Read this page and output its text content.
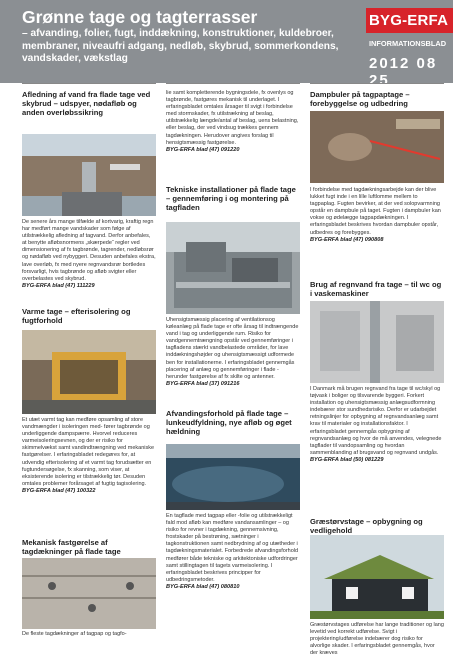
Grønne tage og tagterrasser
– afvanding, folier, fugt, inddækning, konstruktioner, kuldebroer, membraner, niveaufri adgang, nedløb, skybrud, sommerkondens, vandskader, vækstlag
BYG-ERFA
INFORMATIONSBLAD
2012 08 25
Afledning af vand fra flade tage ved skybrud – udspyer, nødafløb og anden overløbssikring
De senere års mange tilfælde af kortvarig, kraftig regn har medført mange vandskader som følge af utilstrækkelig afledning af tagvand. Derfor anbefales, at benytte afløbsnormens „skærpede“ regler ved dimensionering af fx tagbrønde, tagrender, nedløbsrør og nødafløb ved nybyggeri. Desuden anbefales ekstra, lave overløb, fx med nyere regnvandsrør bortledes forsvarligt, hvis tagbrønde og afløb svigter eller overbelastes ved skybrud.
BYG-ERFA blad (47) 111229
Varme tage – efterisolering og fugtforhold
Et utæt varmt tag kan medføre opsamling af store vandmængder i isoleringen med- fører tagbrønde og underliggende dampspærre. Hvorvel reduceres varmeisoleringsevnen, og der er risiko for skimmelvækst samt vandindtrængning ved mekaniske fastgørelser. I erfaringsbladet redegøres for, at udvendig efterisolering af et varmt tag forudsætter en fugtundersøgelse, fx skanning, som viser, at eksisterende isolering er tilstrækkelig tør. Desuden omtales problemer forårsaget af fugtig tagisolering.
BYG-ERFA blad (47) 100322
Mekanisk fastgørelse af tagdækninger på flade tage
De fleste tagdækninger af tagpap og tagfo-
lie samt kompletterende bygningsdele, fx ovenlys og tagbrønde, fastgøres mekanisk til underlaget. I erfaringsbladet omtales årsager til svigt i forbindelse med stormskader, fx utilstrækning af beslag, utilstrækkelig længde/antal af beslag, uens belastning, eller beslag, der ved vindsug trækkes gennem tagdækningen. Herudover angives forslag til hensigtsmæssig fastgørelse.
BYG-ERFA blad (47) 091220
Tekniske installationer på flade tage – gennemføring i og montering på tagfladen
Uhensigtsmæssig placering af ventilationsog køleanlæg på flade tage er ofte årsag til indtrængende vand i tag og underliggende rum. Risiko for vandgennemtrængning opstår ved gennemføringer i tagfladens stærkt vandbelastede områder, for lave inddækningshøjder og uhensigtsmæssigt udformede ben for installationerne. I erfaringsbladet gennemgås placering af anlæg og gennemføringer i flade - herunder fastgørelse af fx skilte og antenner.
BYG-ERFA blad (37) 091216
Afvandingsforhold på flade tage – lunkeudfyldning, nye afløb og øget hældning
En tagflade med tagpap eller -folie og utilstrækkeligt fald mod afløb kan medføre vandansamlinger – og risiko for revner i tagdækning, gennemsivning, frostskader på bestrøning, sætninger i tagkonstruktionen samt nedbrydning af og utætheder i tagdækningsmaterialet. Forbedrede afvandingsforhold medfører både tekniske og arkitektoniske udfordringer samt stillingtagen til tagets varmeisolering. I erfaringsbladet beskrives principper for udbedringsmetoder.
BYG-ERFA blad (47) 080810
Dampbuler på tagpaptage – forebyggelse og udbedring
I forbindelse med tagdækningsarbejde kan der blive lukket fugt inde i en lille luftlomme mellem to tagpaplag. Fugten bevirker, at der ved solopvarmning opstår en dampbule på taget. Fugten i dampbuler kan vokse og ødelægge tagpapdækningen. I erfaringsbladet beskrives hvordan dampbuler opstår, udbedres og forebygges.
BYG-ERFA blad (47) 090808
Brug af regnvand fra tage – til wc og i vaskemaskiner
I Danmark må brugen regnvand fra tage til wc/skyl og tøjvask i boliger og tilsvarende byggeri. Forkert installation og uhensigtsmæssig anlægsudformning indebærer stor sundhedsrisiko. Derfor er udarbejdet retningslinjer for opbygning af regnvandsanlæg samt krav til materialer og installationsfaktor. I erfaringsbladet gennemgås opbygning af regnvandsanlæg og hvor de må anvendes, velegnede tagflader til vandopsamling og hvordan sammenblanding af brugsvand og regnvand undgås.
BYG-ERFA blad (50) 081229
Græstørvstage – opbygning og vedligehold
Græstørvstages udførelse har lange traditioner og lang levetid ved korrekt udførelse. Svigt i projektering/udførelse indebærer dog risiko for alvorlige skader. I erfaringsbladet gennemgås, hvor der kræves
